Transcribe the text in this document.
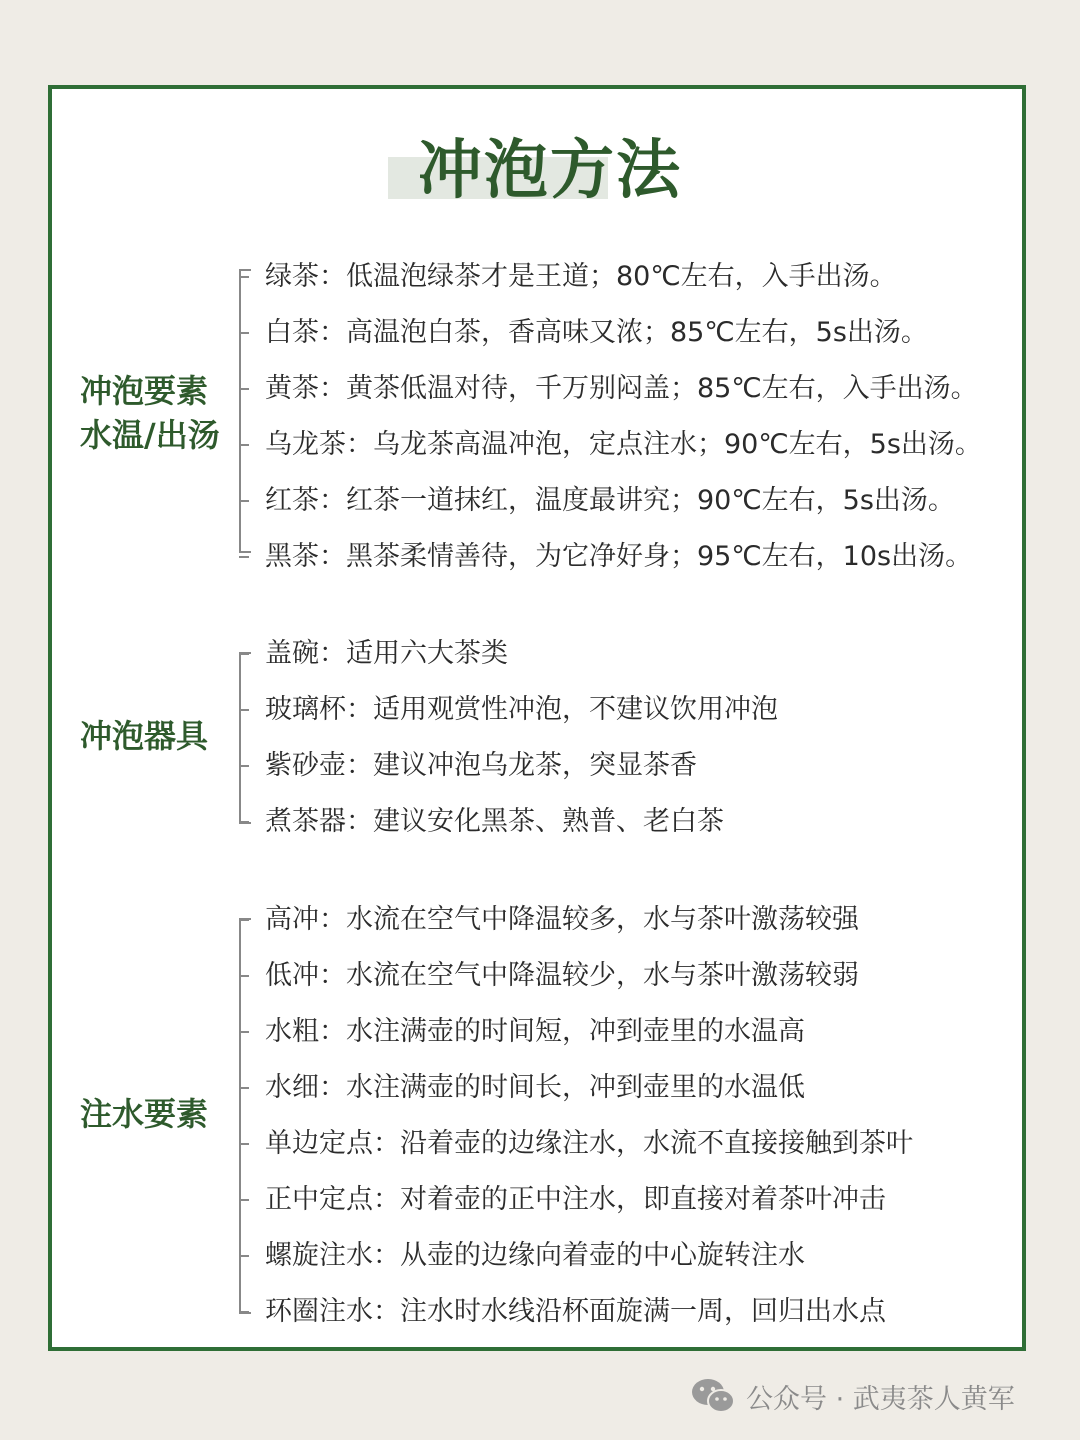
冲泡方法
冲泡要素
水温/出汤
绿茶：低温泡绿茶才是王道；80℃左右，入手出汤。
白茶：高温泡白茶，香高味又浓；85℃左右，5s出汤。
黄茶：黄茶低温对待，千万别闷盖；85℃左右，入手出汤。
乌龙茶：乌龙茶高温冲泡，定点注水；90℃左右，5s出汤。
红茶：红茶一道抹红，温度最讲究；90℃左右，5s出汤。
黑茶：黑茶柔情善待，为它净好身；95℃左右，10s出汤。
冲泡器具
盖碗：适用六大茶类
玻璃杯：适用观赏性冲泡，不建议饮用冲泡
紫砂壶：建议冲泡乌龙茶，突显茶香
煮茶器：建议安化黑茶、熟普、老白茶
注水要素
高冲：水流在空气中降温较多，水与茶叶激荡较强
低冲：水流在空气中降温较少，水与茶叶激荡较弱
水粗：水注满壶的时间短，冲到壶里的水温高
水细：水注满壶的时间长，冲到壶里的水温低
单边定点：沿着壶的边缘注水，水流不直接接触到茶叶
正中定点：对着壶的正中注水，即直接对着茶叶冲击
螺旋注水：从壶的边缘向着壶的中心旋转注水
环圈注水：注水时水线沿杯面旋满一周，回归出水点
公众号 · 武夷茶人黄军
